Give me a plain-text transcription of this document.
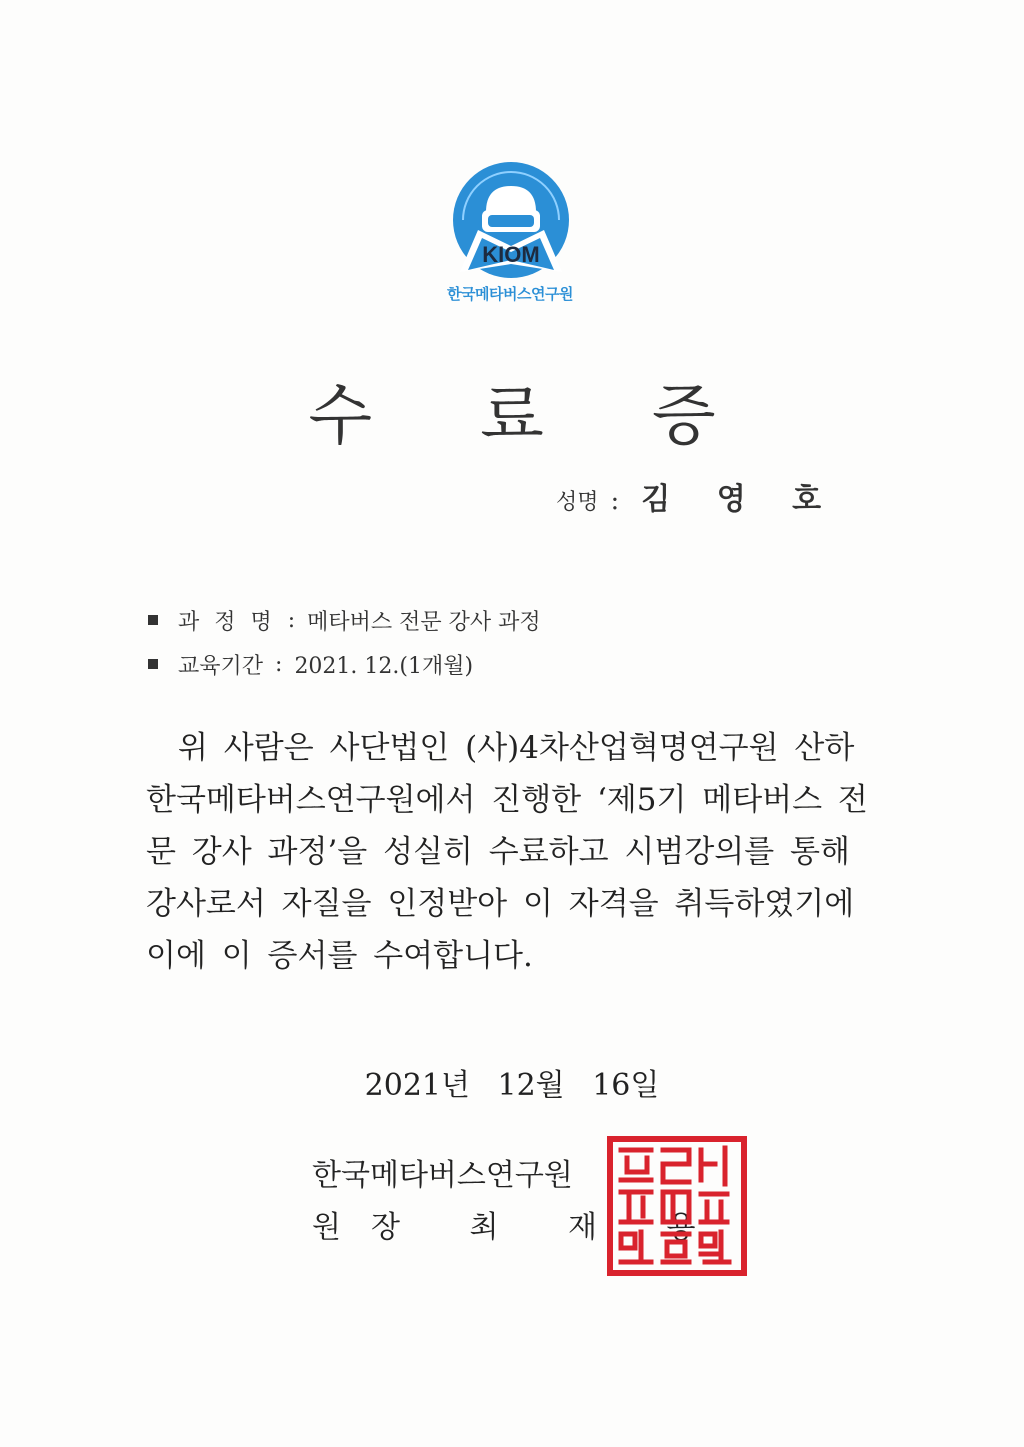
KIOM
한국메타버스연구원
수 료 증
성명 : 김 영 호
과 정 명 : 메타버스 전문 강사 과정
교육기간 : 2021. 12.(1개월)
위 사람은 사단법인 (사)4차산업혁명연구원 산하
한국메타버스연구원에서 진행한 ‘제5기 메타버스 전
문 강사 과정’을 성실히 수료하고 시범강의를 통해
강사로서 자질을 인정받아 이 자격을 취득하였기에
이에 이 증서를 수여합니다.
2021년 12월 16일
한국메타버스연구원
원장 최 재 용
